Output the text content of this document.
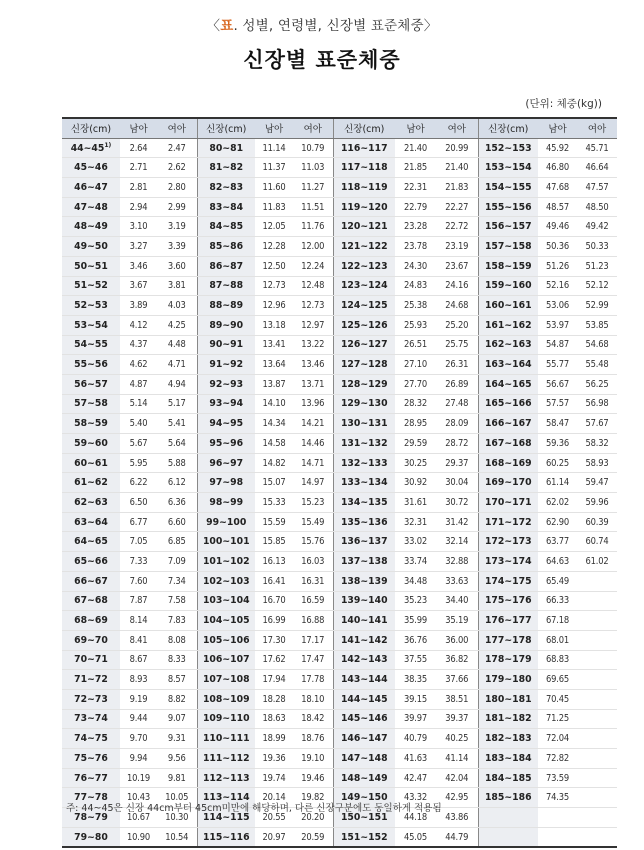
〈표. 성별, 연령별, 신장별 표준체중〉
신장별 표준체중
(단위: 체중(kg))
신장(cm)	남아	여아	신장(cm)	남아	여아	신장(cm)	남아	여아	신장(cm)	남아	여아
44~45$^{1)}$	2.64	2.47	80~81	11.14	10.79	116~117	21.40	20.99	152~153	45.92	45.71
45~46	2.71	2.62	81~82	11.37	11.03	117~118	21.85	21.40	153~154	46.80	46.64
46~47	2.81	2.80	82~83	11.60	11.27	118~119	22.31	21.83	154~155	47.68	47.57
47~48	2.94	2.99	83~84	11.83	11.51	119~120	22.79	22.27	155~156	48.57	48.50
48~49	3.10	3.19	84~85	12.05	11.76	120~121	23.28	22.72	156~157	49.46	49.42
49~50	3.27	3.39	85~86	12.28	12.00	121~122	23.78	23.19	157~158	50.36	50.33
50~51	3.46	3.60	86~87	12.50	12.24	122~123	24.30	23.67	158~159	51.26	51.23
51~52	3.67	3.81	87~88	12.73	12.48	123~124	24.83	24.16	159~160	52.16	52.12
52~53	3.89	4.03	88~89	12.96	12.73	124~125	25.38	24.68	160~161	53.06	52.99
53~54	4.12	4.25	89~90	13.18	12.97	125~126	25.93	25.20	161~162	53.97	53.85
54~55	4.37	4.48	90~91	13.41	13.22	126~127	26.51	25.75	162~163	54.87	54.68
55~56	4.62	4.71	91~92	13.64	13.46	127~128	27.10	26.31	163~164	55.77	55.48
56~57	4.87	4.94	92~93	13.87	13.71	128~129	27.70	26.89	164~165	56.67	56.25
57~58	5.14	5.17	93~94	14.10	13.96	129~130	28.32	27.48	165~166	57.57	56.98
58~59	5.40	5.41	94~95	14.34	14.21	130~131	28.95	28.09	166~167	58.47	57.67
59~60	5.67	5.64	95~96	14.58	14.46	131~132	29.59	28.72	167~168	59.36	58.32
60~61	5.95	5.88	96~97	14.82	14.71	132~133	30.25	29.37	168~169	60.25	58.93
61~62	6.22	6.12	97~98	15.07	14.97	133~134	30.92	30.04	169~170	61.14	59.47
62~63	6.50	6.36	98~99	15.33	15.23	134~135	31.61	30.72	170~171	62.02	59.96
63~64	6.77	6.60	99~100	15.59	15.49	135~136	32.31	31.42	171~172	62.90	60.39
64~65	7.05	6.85	100~101	15.85	15.76	136~137	33.02	32.14	172~173	63.77	60.74
65~66	7.33	7.09	101~102	16.13	16.03	137~138	33.74	32.88	173~174	64.63	61.02
66~67	7.60	7.34	102~103	16.41	16.31	138~139	34.48	33.63	174~175	65.49	
67~68	7.87	7.58	103~104	16.70	16.59	139~140	35.23	34.40	175~176	66.33	
68~69	8.14	7.83	104~105	16.99	16.88	140~141	35.99	35.19	176~177	67.18	
69~70	8.41	8.08	105~106	17.30	17.17	141~142	36.76	36.00	177~178	68.01	
70~71	8.67	8.33	106~107	17.62	17.47	142~143	37.55	36.82	178~179	68.83	
71~72	8.93	8.57	107~108	17.94	17.78	143~144	38.35	37.66	179~180	69.65	
72~73	9.19	8.82	108~109	18.28	18.10	144~145	39.15	38.51	180~181	70.45	
73~74	9.44	9.07	109~110	18.63	18.42	145~146	39.97	39.37	181~182	71.25	
74~75	9.70	9.31	110~111	18.99	18.76	146~147	40.79	40.25	182~183	72.04	
75~76	9.94	9.56	111~112	19.36	19.10	147~148	41.63	41.14	183~184	72.82	
76~77	10.19	9.81	112~113	19.74	19.46	148~149	42.47	42.04	184~185	73.59	
77~78	10.43	10.05	113~114	20.14	19.82	149~150	43.32	42.95	185~186	74.35	
78~79	10.67	10.30	114~115	20.55	20.20	150~151	44.18	43.86			
79~80	10.90	10.54	115~116	20.97	20.59	151~152	45.05	44.79			
주: 44~45은 신장 44cm부터 45cm미만에 해당하며, 다른 신장구분에도 동일하게 적용됨
